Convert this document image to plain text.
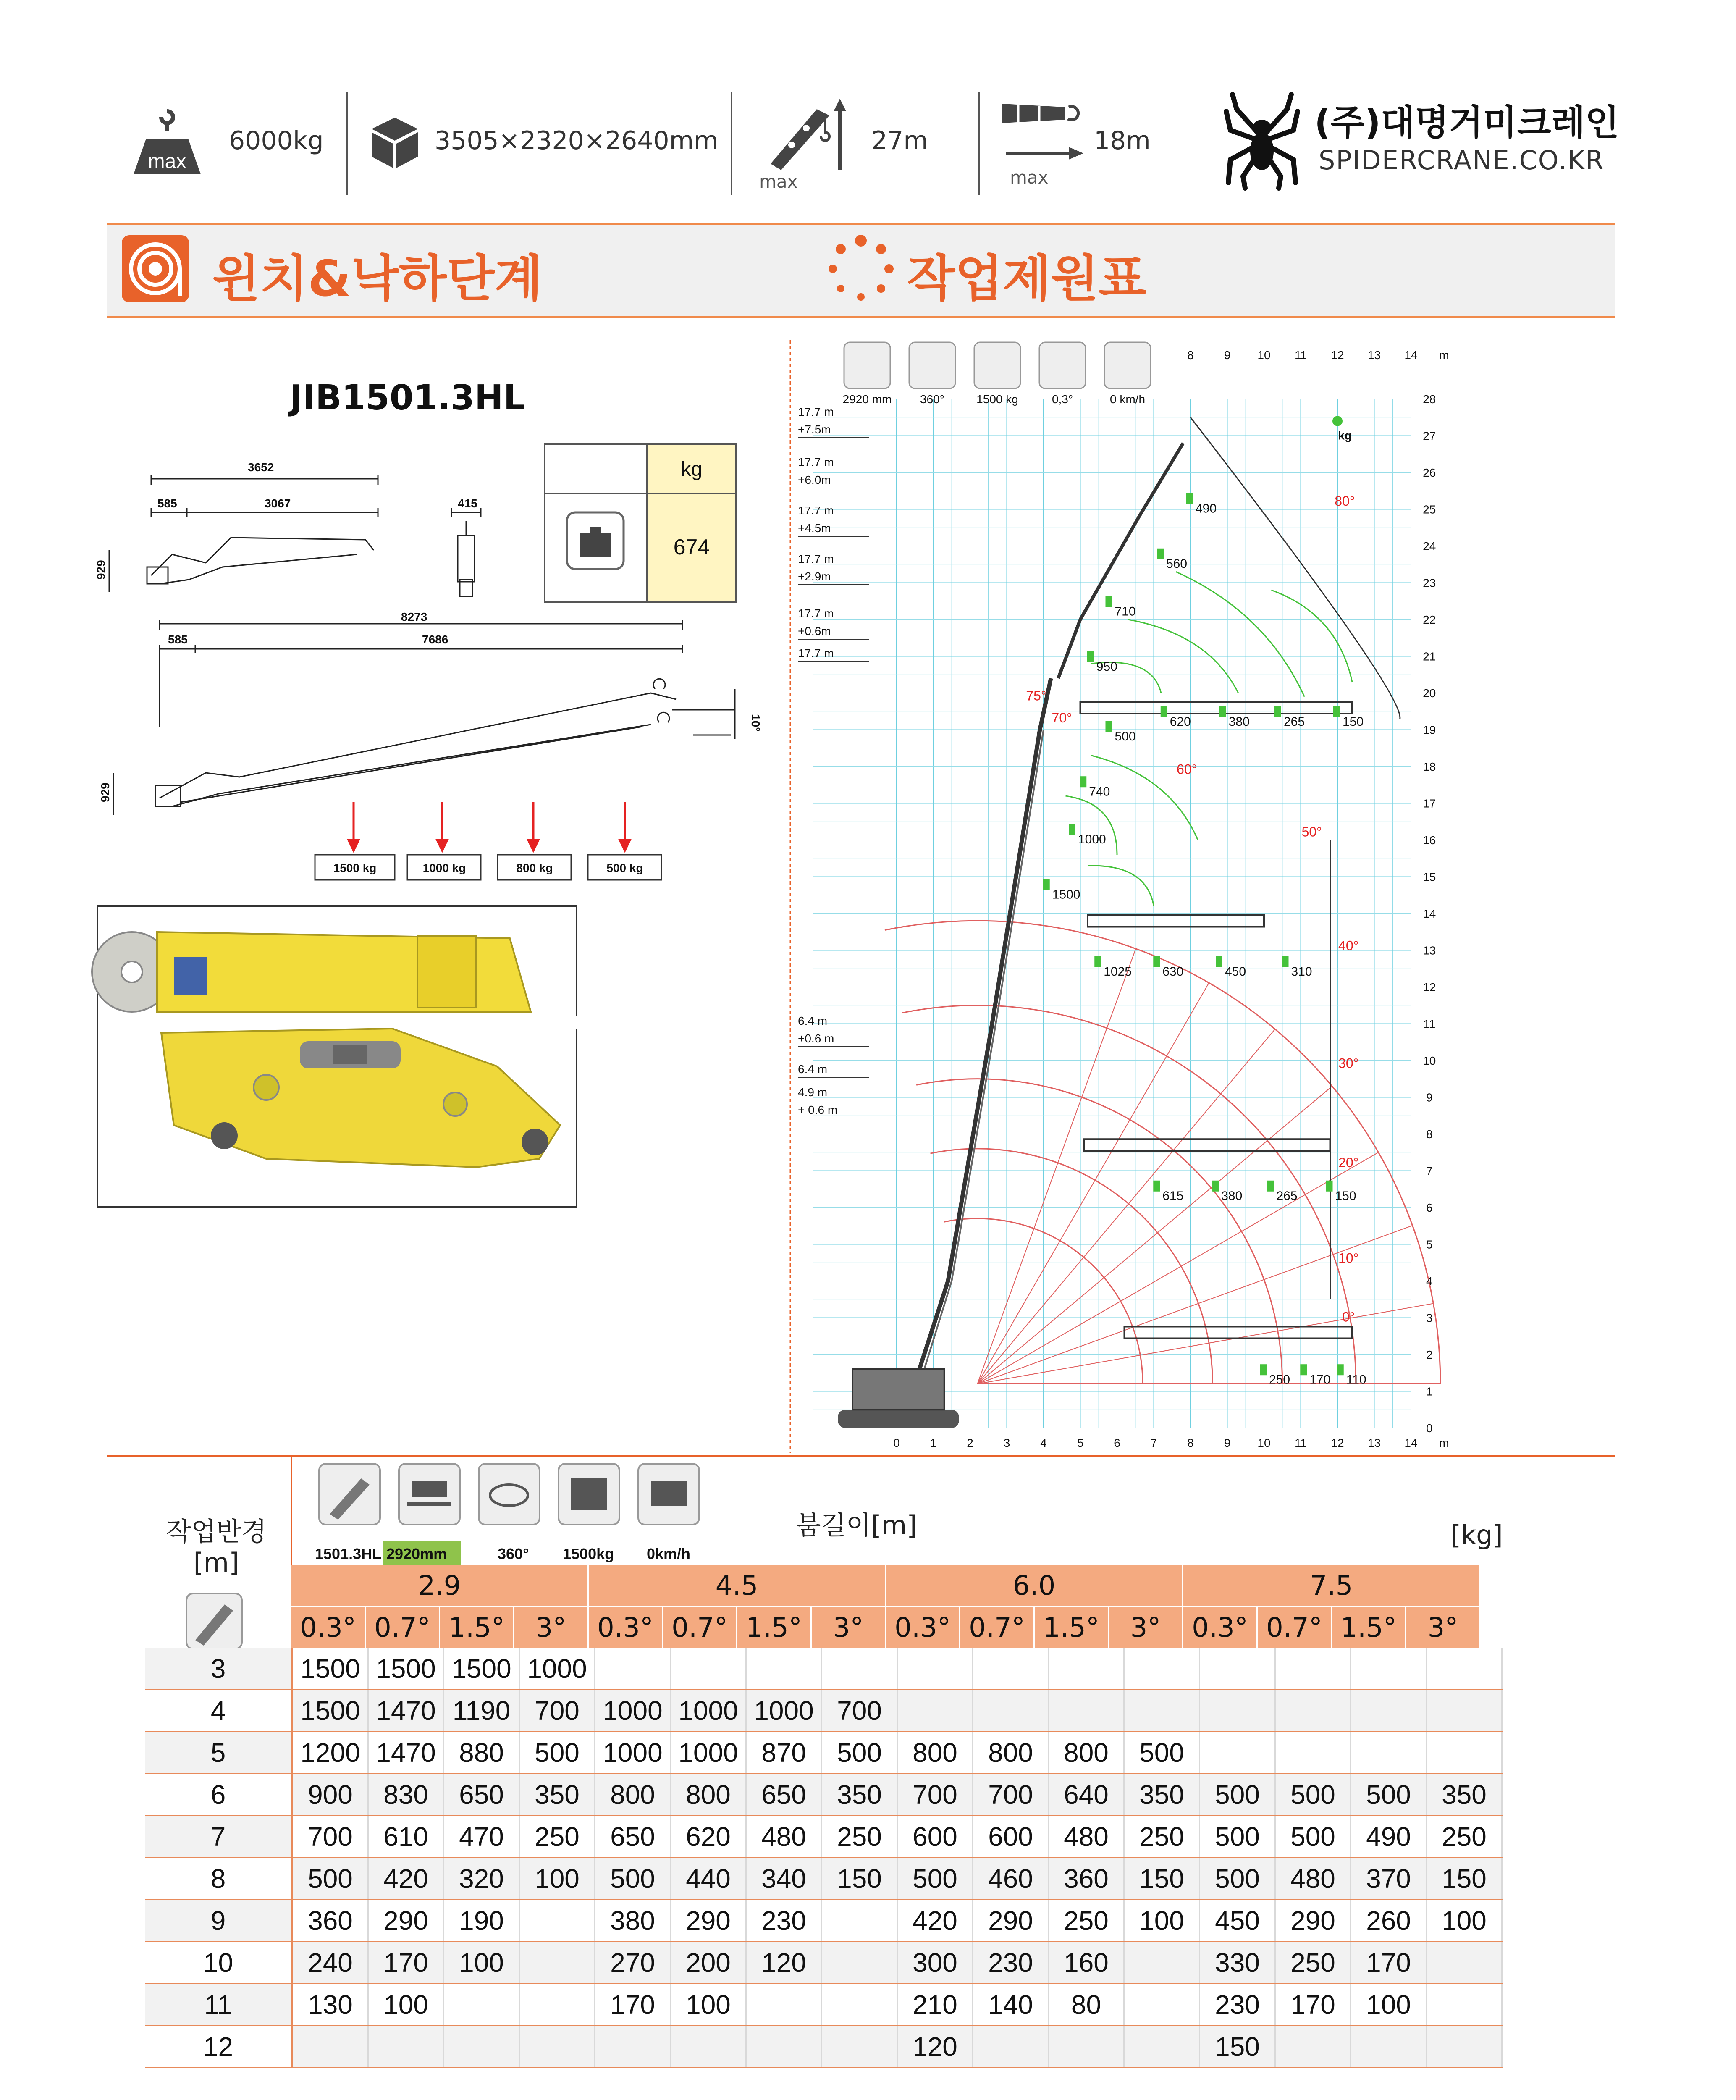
max
6000kg	3505×2320×2640mm	27m
max
18m
max
(주)대명거미크레인
SPIDERCRANE.CO.KR
윈치&낙하단계	작업제원표
JIB1501.3HL
kg
674
3652
585	3067	415
929
8273
585	7686
929
10°
1500 kg	1000 kg	800 kg	500 kg
0	1	2	3	4	5	6	7	8	9 10 11 12 13 14 m
8	9 10 11 12 13 14 m
0
1
2
3
4
5
6
7
8
9
10
11
12
13
14
15
16
17
18
19
20
21
22
23
24
25
26
27
28
80°
75°
70°
60°
50°
40°
30°
20°
10°
0°
17.7 m
+7.5m
17.7 m
+6.0m
17.7 m
+4.5m
17.7 m
+2.9m
17.7 m
+0.6m
17.7 m
6.4 m
+0.6 m
6.4 m
4.9 m
+ 0.6 m
490
560
710
950
500
620	380	265	150
740
1000
1500
1025 630	450	310
615	380	265	150
250 170 110
2920 mm 360°	1500 kg	0,3°	0 km/h
kg
작업반경
[m]	1501.3HL 2920mm	360° 1500kg 0km/h
붐길이[m]	[kg]
2.9	4.5	6.0	7.5
0.3° 0.7° 1.5°	3°	0.3° 0.7° 1.5°	3°	0.3° 0.7° 1.5°	3°	0.3° 0.7° 1.5°	3°
3	1500	1500	1500	1000												
4	1500	1470	1190	700	1000	1000	1000	700								
5	1200	1470	880	500	1000	1000	870	500	800	800	800	500				
6	900	830	650	350	800	800	650	350	700	700	640	350	500	500	500	350
7	700	610	470	250	650	620	480	250	600	600	480	250	500	500	490	250
8	500	420	320	100	500	440	340	150	500	460	360	150	500	480	370	150
9	360	290	190		380	290	230		420	290	250	100	450	290	260	100
10	240	170	100		270	200	120		300	230	160		330	250	170	
11	130	100			170	100			210	140	80		230	170	100	
12									120				150			
